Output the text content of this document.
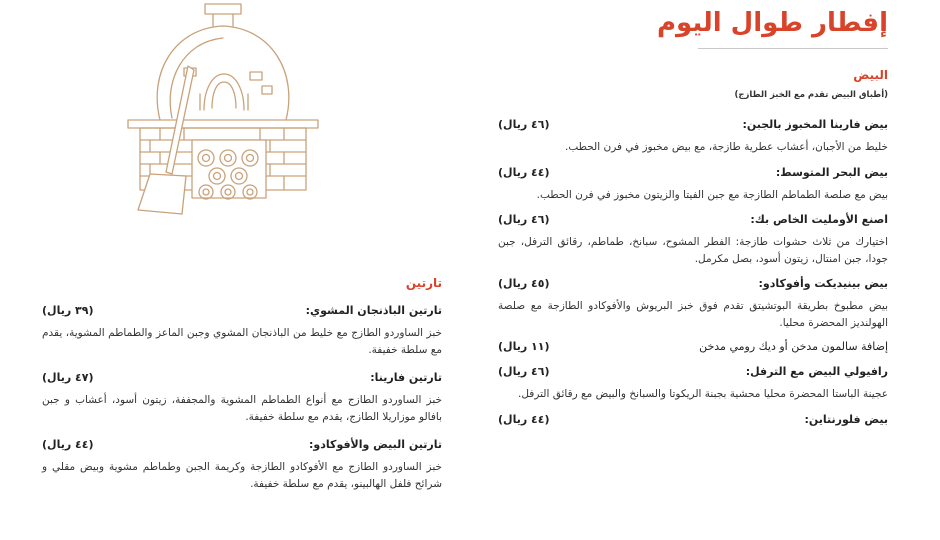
إفطار طوال اليوم
البيض
(أطباق البيض تقدم مع الخبز الطازج)
بيض فارينا المخبوز بالجبن:
(٤٦ ريال)
خليط من الأجبان، أعشاب عطرية طازجة، مع بيض مخبوز في فرن الحطب.
بيض البحر المتوسط:
(٤٤ ريال)
بيض مع صلصة الطماطم الطازجة مع جبن الفيتا والزيتون مخبوز في فرن الحطب.
اصنع الأومليت الخاص بك:
(٤٦ ريال)
اختيارك من ثلاث حشوات طازجة: الفطر المشوح، سبانخ، طماطم، رقائق الترفل، جبن جودا، جبن امنتال، زيتون أسود، بصل مكرمل.
بيض بينيديكت وأفوكادو:
(٤٥ ريال)
بيض مطبوخ بطريقة البوتشيتق تقدم فوق خبز البريوش والأفوكادو الطازجة مع صلصة الهولنديز المحضرة محليا.
إضافة سالمون مدخن أو ديك رومي مدخن
(١١ ريال)
رافيولي البيض مع الترفل:
(٤٦ ريال)
عجينة الباستا المحضرة محليا محشية بجبنة الريكوتا والسبانخ والبيض مع رقائق الترفل.
بيض فلورنتاين:
(٤٤ ريال)
تارتين
تارتين الباذنجان المشوي:
(٣٩ ريال)
خبز الساوردو الطازج مع خليط من الباذنجان المشوي وجبن الماعز والطماطم المشوية، يقدم مع سلطة خفيفة.
تارتين فارينا:
(٤٧ ريال)
خبز الساوردو الطازج مع أنواع الطماطم المشوية والمجففة، زيتون أسود، أعشاب و جبن بافالو موزاريلا الطازج، يقدم مع سلطة خفيفة.
تارتين البيض والأفوكادو:
(٤٤ ريال)
خبز الساوردو الطازج مع الأفوكادو الطازجة وكريمة الجبن وطماطم مشوية وبيض مقلي و شرائح فلفل الهالبينو، يقدم مع سلطة خفيفة.
